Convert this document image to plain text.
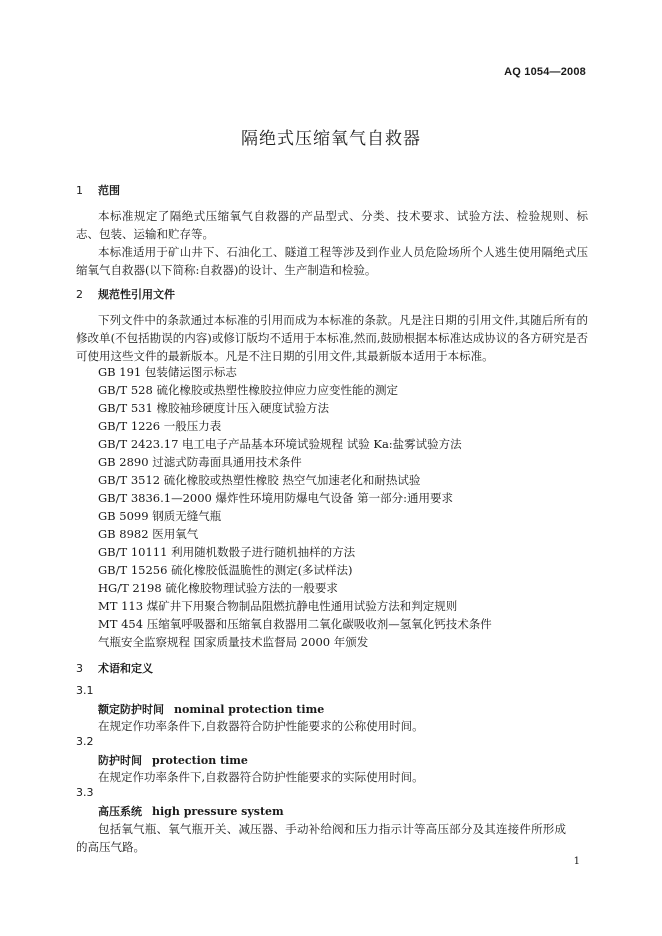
AQ 1054—2008
隔绝式压缩氧气自救器
1 范围
本标准规定了隔绝式压缩氧气自救器的产品型式、分类、技术要求、试验方法、检验规则、标志、包装、运输和贮存等。
本标准适用于矿山井下、石油化工、隧道工程等涉及到作业人员危险场所个人逃生使用隔绝式压缩氧气自救器(以下简称:自救器)的设计、生产制造和检验。
2 规范性引用文件
下列文件中的条款通过本标准的引用而成为本标准的条款。凡是注日期的引用文件,其随后所有的修改单(不包括勘误的内容)或修订版均不适用于本标准,然而,鼓励根据本标准达成协议的各方研究是否可使用这些文件的最新版本。凡是不注日期的引用文件,其最新版本适用于本标准。
GB 191 包装储运图示标志
GB/T 528 硫化橡胶或热塑性橡胶拉伸应力应变性能的测定
GB/T 531 橡胶袖珍硬度计压入硬度试验方法
GB/T 1226 一般压力表
GB/T 2423.17 电工电子产品基本环境试验规程 试验 Ka:盐雾试验方法
GB 2890 过滤式防毒面具通用技术条件
GB/T 3512 硫化橡胶或热塑性橡胶 热空气加速老化和耐热试验
GB/T 3836.1—2000 爆炸性环境用防爆电气设备 第一部分:通用要求
GB 5099 钢质无缝气瓶
GB 8982 医用氧气
GB/T 10111 利用随机数骰子进行随机抽样的方法
GB/T 15256 硫化橡胶低温脆性的测定(多试样法)
HG/T 2198 硫化橡胶物理试验方法的一般要求
MT 113 煤矿井下用聚合物制品阻燃抗静电性通用试验方法和判定规则
MT 454 压缩氧呼吸器和压缩氧自救器用二氧化碳吸收剂—氢氧化钙技术条件
气瓶安全监察规程 国家质量技术监督局 2000 年颁发
3 术语和定义
3.1
额定防护时间 nominal protection time
在规定作功率条件下,自救器符合防护性能要求的公称使用时间。
3.2
防护时间 protection time
在规定作功率条件下,自救器符合防护性能要求的实际使用时间。
3.3
高压系统 high pressure system
包括氧气瓶、氧气瓶开关、减压器、手动补给阀和压力指示计等高压部分及其连接件所形成的高压气路。
1
